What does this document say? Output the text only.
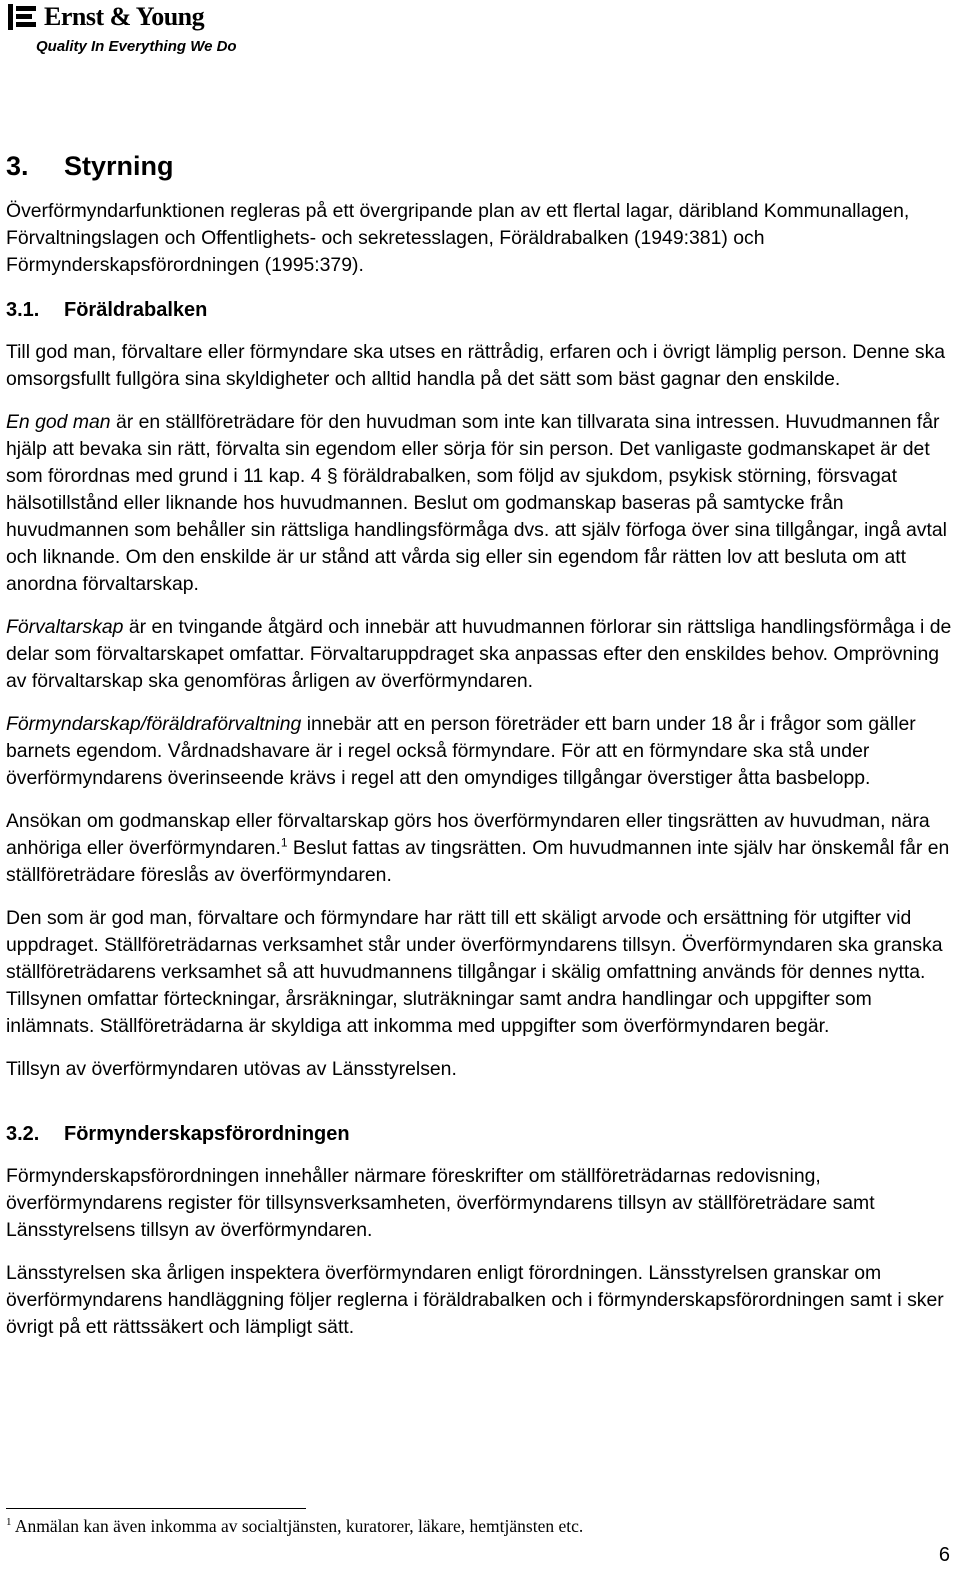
Ernst & Young
Quality In Everything We Do
3. Styrning

Överförmyndarfunktionen regleras på ett övergripande plan av ett flertal lagar, däribland Kommunallagen, Förvaltningslagen och Offentlighets- och sekretesslagen, Föräldrabalken (1949:381) och Förmynderskapsförordningen (1995:379).

3.1. Föräldrabalken

Till god man, förvaltare eller förmyndare ska utses en rättrådig, erfaren och i övrigt lämplig person. Denne ska omsorgsfullt fullgöra sina skyldigheter och alltid handla på det sätt som bäst gagnar den enskilde.

En god man är en ställföreträdare för den huvudman som inte kan tillvarata sina intressen. Huvudmannen får hjälp att bevaka sin rätt, förvalta sin egendom eller sörja för sin person. Det vanligaste godmanskapet är det som förordnas med grund i 11 kap. 4 § föräldrabalken, som följd av sjukdom, psykisk störning, försvagat hälsotillstånd eller liknande hos huvudmannen. Beslut om godmanskap baseras på samtycke från huvudmannen som behåller sin rättsliga handlingsförmåga dvs. att själv förfoga över sina tillgångar, ingå avtal och liknande. Om den enskilde är ur stånd att vårda sig eller sin egendom får rätten lov att besluta om att anordna förvaltarskap.

Förvaltarskap är en tvingande åtgärd och innebär att huvudmannen förlorar sin rättsliga handlingsförmåga i de delar som förvaltarskapet omfattar. Förvaltaruppdraget ska anpassas efter den enskildes behov. Omprövning av förvaltarskap ska genomföras årligen av överförmyndaren.

Förmyndarskap/föräldraförvaltning innebär att en person företräder ett barn under 18 år i frågor som gäller barnets egendom. Vårdnadshavare är i regel också förmyndare. För att en förmyndare ska stå under överförmyndarens överinseende krävs i regel att den omyndiges tillgångar överstiger åtta basbelopp.

Ansökan om godmanskap eller förvaltarskap görs hos överförmyndaren eller tingsrätten av huvudman, nära anhöriga eller överförmyndaren.$^1$ Beslut fattas av tingsrätten. Om huvudmannen inte själv har önskemål får en ställföreträdare föreslås av överförmyndaren.

Den som är god man, förvaltare och förmyndare har rätt till ett skäligt arvode och ersättning för utgifter vid uppdraget. Ställföreträdarnas verksamhet står under överförmyndarens tillsyn. Överförmyndaren ska granska ställföreträdarens verksamhet så att huvudmannens tillgångar i skälig omfattning används för dennes nytta. Tillsynen omfattar förteckningar, årsräkningar, sluträkningar samt andra handlingar och uppgifter som inlämnats. Ställföreträdarna är skyldiga att inkomma med uppgifter som överförmyndaren begär.

Tillsyn av överförmyndaren utövas av Länsstyrelsen.

3.2. Förmynderskapsförordningen

Förmynderskapsförordningen innehåller närmare föreskrifter om ställföreträdarnas redovisning, överförmyndarens register för tillsynsverksamheten, överförmyndarens tillsyn av ställföreträdare samt Länsstyrelsens tillsyn av överförmyndaren.

Länsstyrelsen ska årligen inspektera överförmyndaren enligt förordningen. Länsstyrelsen granskar om överförmyndarens handläggning följer reglerna i föräldrabalken och i förmynderskapsförordningen samt i sker övrigt på ett rättssäkert och lämpligt sätt.

$^1$ Anmälan kan även inkomma av socialtjänsten, kuratorer, läkare, hemtjänsten etc.
6
